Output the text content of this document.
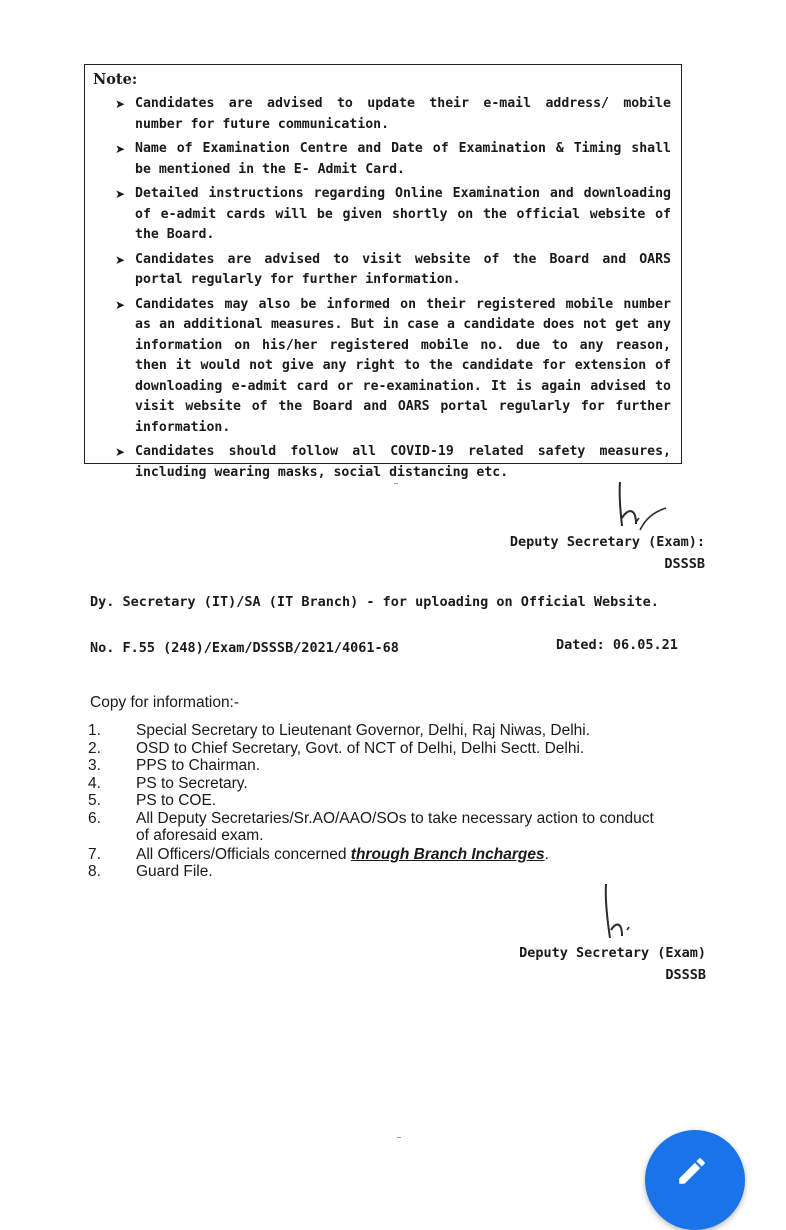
Note:
➤ Candidates are advised to update their e-mail address/ mobile number for future communication.
➤ Name of Examination Centre and Date of Examination & Timing shall be mentioned in the E- Admit Card.
➤ Detailed instructions regarding Online Examination and downloading of e-admit cards will be given shortly on the official website of the Board.
➤ Candidates are advised to visit website of the Board and OARS portal regularly for further information.
➤ Candidates may also be informed on their registered mobile number as an additional measures. But in case a candidate does not get any information on his/her registered mobile no. due to any reason, then it would not give any right to the candidate for extension of downloading e-admit card or re-examination. It is again advised to visit website of the Board and OARS portal regularly for further information.
➤ Candidates should follow all COVID-19 related safety measures, including wearing masks, social distancing etc.
Deputy Secretary (Exam):
DSSSB
Dy. Secretary (IT)/SA (IT Branch) - for uploading on Official Website.
No. F.55 (248)/Exam/DSSSB/2021/4061-68	Dated: 06.05.21
Copy for information:-
1. Special Secretary to Lieutenant Governor, Delhi, Raj Niwas, Delhi.
2. OSD to Chief Secretary, Govt. of NCT of Delhi, Delhi Sectt. Delhi.
3. PPS to Chairman.
4. PS to Secretary.
5. PS to COE.
6. All Deputy Secretaries/Sr.AO/AAO/SOs to take necessary action to conduct of aforesaid exam.
7. All Officers/Officials concerned through Branch Incharges.
8. Guard File.
Deputy Secretary (Exam)
DSSSB
